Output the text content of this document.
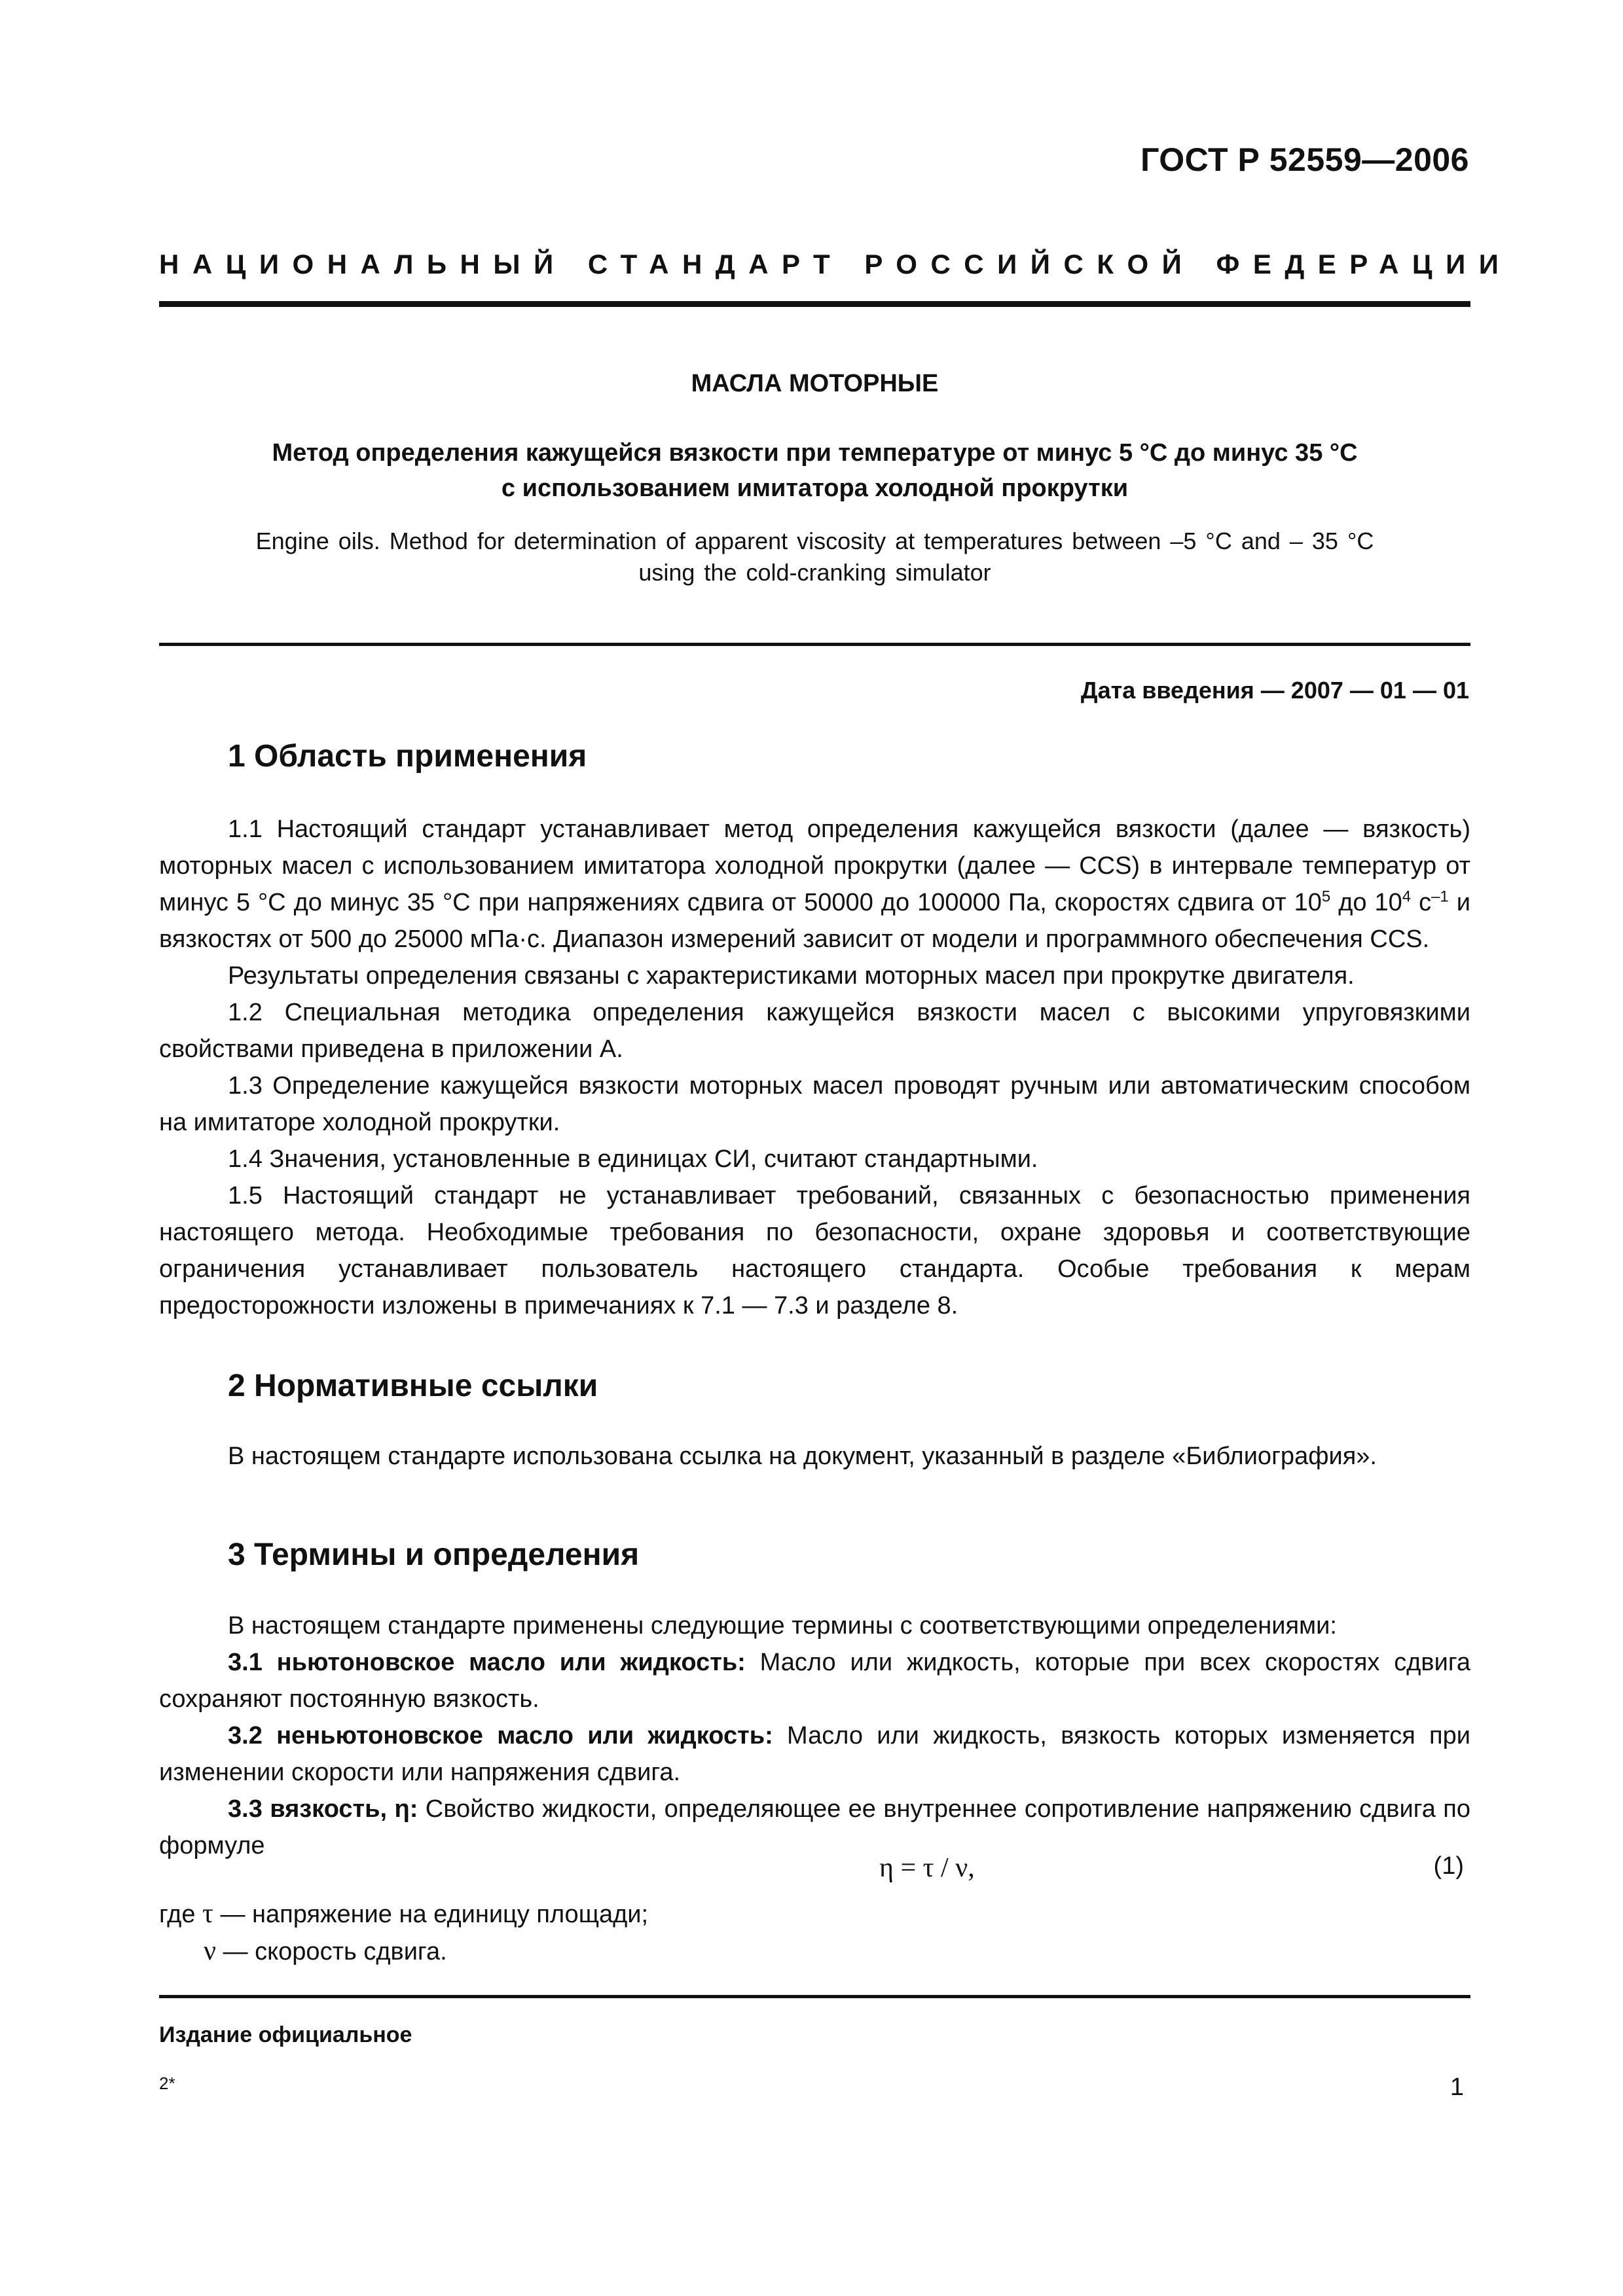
ГОСТ Р 52559—2006
НАЦИОНАЛЬНЫЙ СТАНДАРТ РОССИЙСКОЙ ФЕДЕРАЦИИ
МАСЛА МОТОРНЫЕ
Метод определения кажущейся вязкости при температуре от минус 5 °С до минус 35 °С
с использованием имитатора холодной прокрутки
Engine oils. Method for determination of apparent viscosity at temperatures between –5 °C and – 35 °C
using the cold-cranking simulator
Дата введения — 2007 — 01 — 01
1 Область применения

1.1 Настоящий стандарт устанавливает метод определения кажущейся вязкости (далее — вязкость) моторных масел с использованием имитатора холодной прокрутки (далее — CCS) в интервале температур от минус 5 °С до минус 35 °С при напряжениях сдвига от 50000 до 100000 Па, скоростях сдвига от $10^5$ до $10^4$ $с^{-1}$ и вязкостях от 500 до 25000 мПа·с. Диапазон измерений зависит от модели и программного обеспечения CCS.

Результаты определения связаны с характеристиками моторных масел при прокрутке двигателя.

1.2 Специальная методика определения кажущейся вязкости масел с высокими упруговязкими свойствами приведена в приложении А.

1.3 Определение кажущейся вязкости моторных масел проводят ручным или автоматическим способом на имитаторе холодной прокрутки.

1.4 Значения, установленные в единицах СИ, считают стандартными.

1.5 Настоящий стандарт не устанавливает требований, связанных с безопасностью применения настоящего метода. Необходимые требования по безопасности, охране здоровья и соответствующие ограничения устанавливает пользователь настоящего стандарта. Особые требования к мерам предосторожности изложены в примечаниях к 7.1 — 7.3 и разделе 8.

2 Нормативные ссылки

В настоящем стандарте использована ссылка на документ, указанный в разделе «Библиография».

3 Термины и определения

В настоящем стандарте применены следующие термины с соответствующими определениями:

3.1 ньютоновское масло или жидкость: Масло или жидкость, которые при всех скоростях сдвига сохраняют постоянную вязкость.

3.2 неньютоновское масло или жидкость: Масло или жидкость, вязкость которых изменяется при изменении скорости или напряжения сдвига.

3.3 вязкость, η: Свойство жидкости, определяющее ее внутреннее сопротивление напряжению сдвига по формуле

η = τ / ν,	(1)
где τ — напряжение на единицу площади;
ν — скорость сдвига.
Издание официальное
2*	1
